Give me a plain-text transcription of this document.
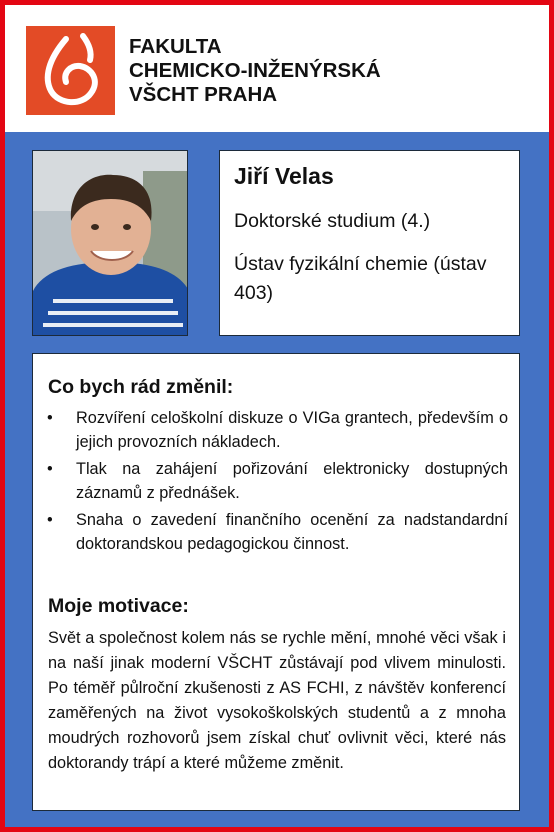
FAKULTA
CHEMICKO-INŽENÝRSKÁ
VŠCHT PRAHA
Jiří Velas
Doktorské studium (4.)
Ústav fyzikální chemie (ústav 403)
Co bych rád změnil:
• Rozvíření celoškolní diskuze o VIGa grantech, především o jejich provozních nákladech.
• Tlak na zahájení pořizování elektronicky dostupných záznamů z přednášek.
• Snaha o zavedení finančního ocenění za nadstandardní doktorandskou pedagogickou činnost.
Moje motivace:
Svět a společnost kolem nás se rychle mění, mnohé věci však i na naší jinak moderní VŠCHT zůstávají pod vlivem minulosti. Po téměř půlroční zkušenosti z AS FCHI, z návštěv konferencí zaměřených na život vysokoškolských studentů a z mnoha moudrých rozhovorů jsem získal chuť ovlivnit věci, které nás doktorandy trápí a které můžeme změnit.
